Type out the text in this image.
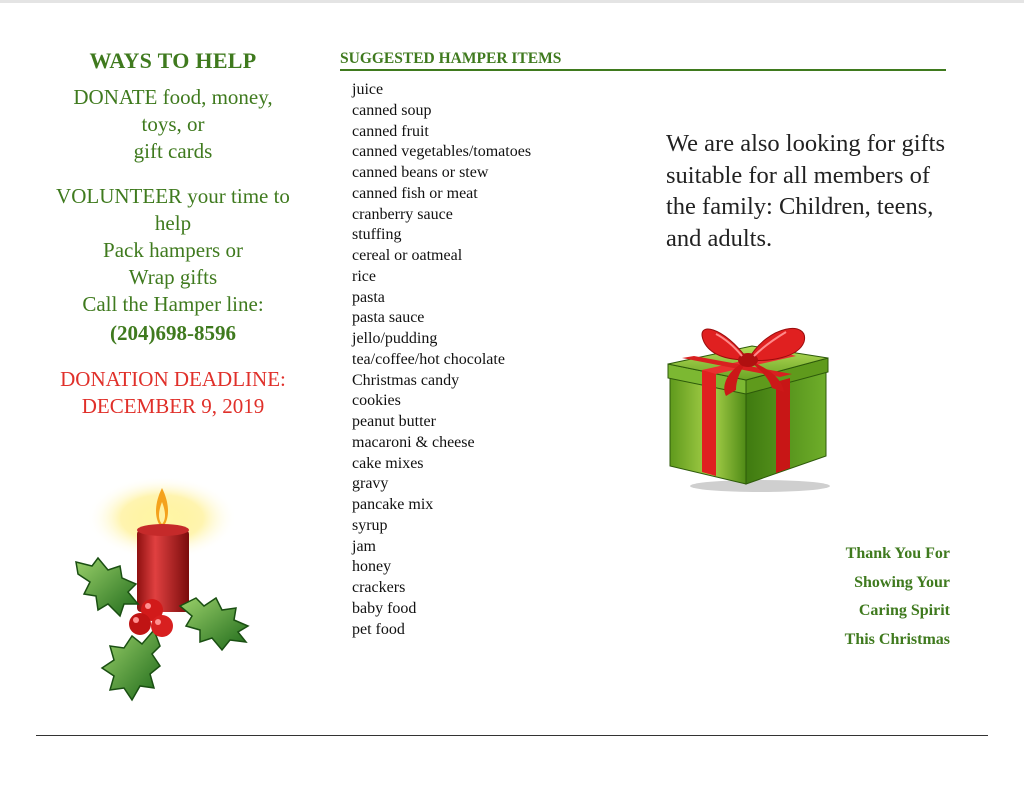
WAYS TO HELP
DONATE food, money,
toys, or
gift cards
VOLUNTEER your time to
help
Pack hampers or
Wrap gifts
Call the Hamper line:
(204)698-8596
DONATION DEADLINE:
DECEMBER 9, 2019
SUGGESTED HAMPER ITEMS
juice
canned soup
canned fruit
canned vegetables/tomatoes
canned beans or stew
canned fish or meat
cranberry sauce
stuffing
cereal or oatmeal
rice
pasta
pasta sauce
jello/pudding
tea/coffee/hot chocolate
Christmas candy
cookies
peanut butter
macaroni & cheese
cake mixes
gravy
pancake mix
syrup
jam
honey
crackers
baby food
pet food
We are also looking for gifts suitable for all members of the family: Children, teens, and adults.
Thank You For
Showing Your
Caring Spirit
This Christmas
